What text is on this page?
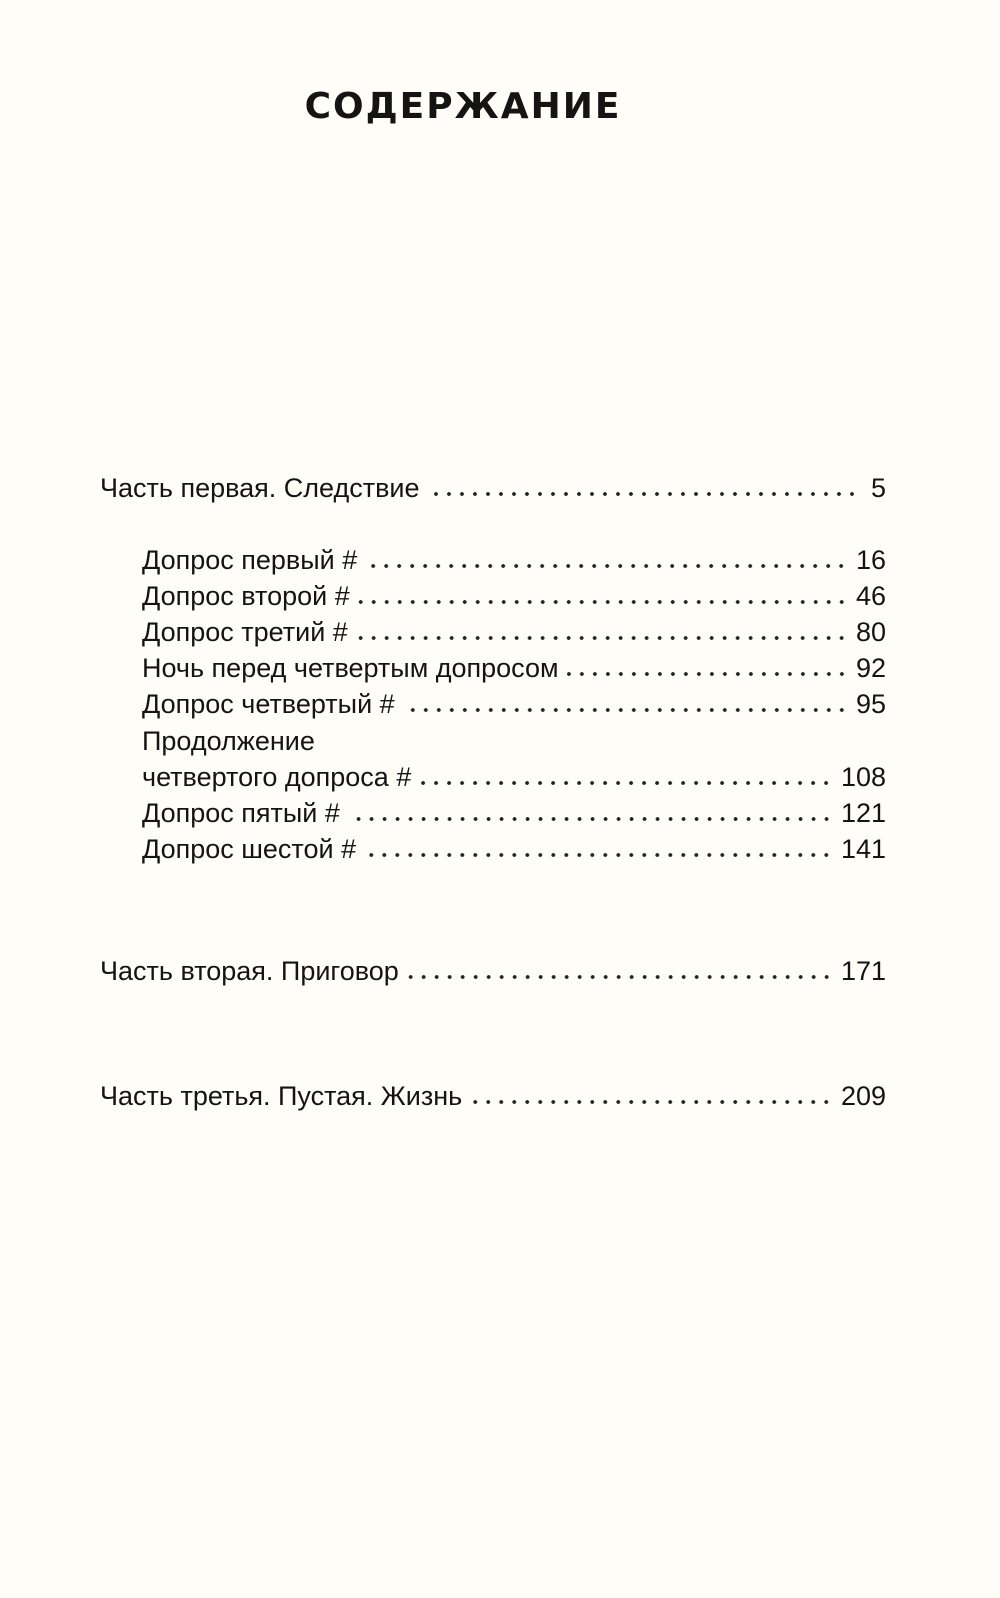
СОДЕРЖАНИЕ
Часть первая. Следствие	5
Допрос первый #	16
Допрос второй #	46
Допрос третий #	80
Ночь перед четвертым допросом	92
Допрос четвертый #	95
Продолжение
четвертого допроса #	108
Допрос пятый #	121
Допрос шестой #	141
Часть вторая. Приговор	171
Часть третья. Пустая. Жизнь	209
